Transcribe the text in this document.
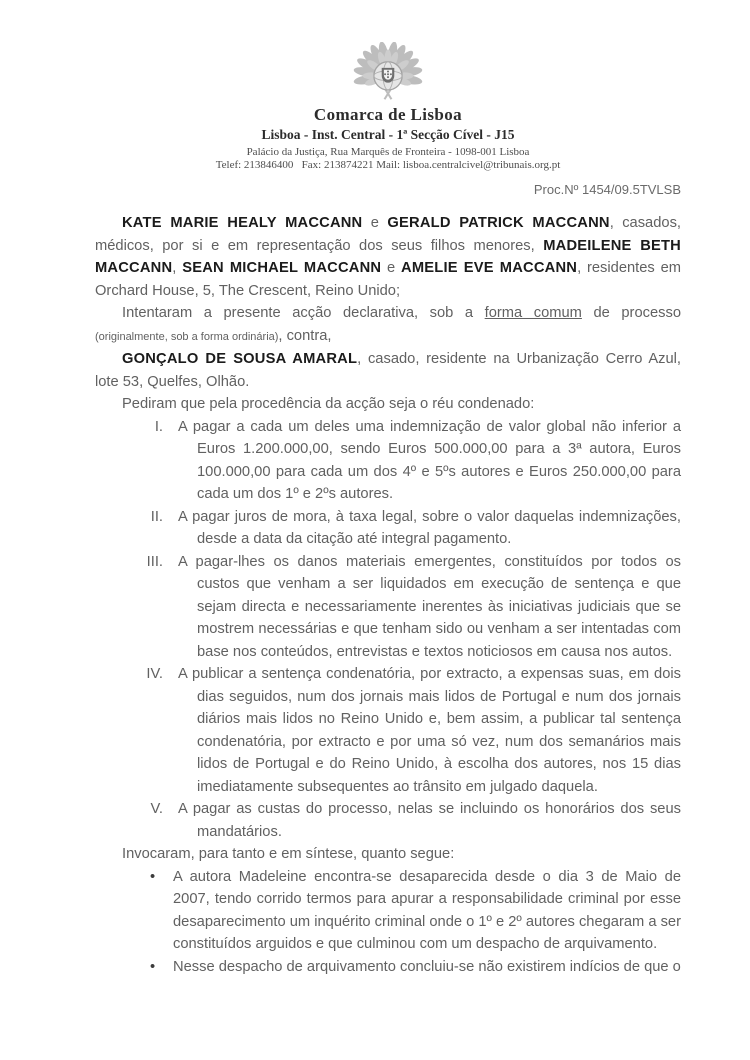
Comarca de Lisboa
Lisboa - Inst. Central - 1ª Secção Cível - J15
Palácio da Justiça, Rua Marquês de Fronteira - 1098-001 Lisboa
Telef: 213846400   Fax: 213874221 Mail: lisboa.centralcivel@tribunais.org.pt
Proc.Nº 1454/09.5TVLSB

KATE MARIE HEALY MACCANN e GERALD PATRICK MACCANN, casados, médicos, por si e em representação dos seus filhos menores, MADEILENE BETH MACCANN, SEAN MICHAEL MACCANN e AMELIE EVE MACCANN, residentes em Orchard House, 5, The Crescent, Reino Unido;

Intentaram a presente acção declarativa, sob a forma comum de processo (originalmente, sob a forma ordinária), contra,

GONÇALO DE SOUSA AMARAL, casado, residente na Urbanização Cerro Azul, lote 53, Quelfes, Olhão.

Pediram que pela procedência da acção seja o réu condenado:

I. A pagar a cada um deles uma indemnização de valor global não inferior a Euros 1.200.000,00, sendo Euros 500.000,00 para a 3ª autora, Euros 100.000,00 para cada um dos 4º e 5ºs autores e Euros 250.000,00 para cada um dos 1º e 2ºs autores.

II. A pagar juros de mora, à taxa legal, sobre o valor daquelas indemnizações, desde a data da citação até integral pagamento.

III. A pagar-lhes os danos materiais emergentes, constituídos por todos os custos que venham a ser liquidados em execução de sentença e que sejam directa e necessariamente inerentes às iniciativas judiciais que se mostrem necessárias e que tenham sido ou venham a ser intentadas com base nos conteúdos, entrevistas e textos noticiosos em causa nos autos.

IV. A publicar a sentença condenatória, por extracto, a expensas suas, em dois dias seguidos, num dos jornais mais lidos de Portugal e num dos jornais diários mais lidos no Reino Unido e, bem assim, a publicar tal sentença condenatória, por extracto e por uma só vez, num dos semanários mais lidos de Portugal e do Reino Unido, à escolha dos autores, nos 15 dias imediatamente subsequentes ao trânsito em julgado daquela.

V. A pagar as custas do processo, nelas se incluindo os honorários dos seus mandatários.

Invocaram, para tanto e em síntese, quanto segue:

• A autora Madeleine encontra-se desaparecida desde o dia 3 de Maio de 2007, tendo corrido termos para apurar a responsabilidade criminal por esse desaparecimento um inquérito criminal onde o 1º e 2º autores chegaram a ser constituídos arguidos e que culminou com um despacho de arquivamento.

• Nesse despacho de arquivamento concluiu-se não existirem indícios de que o
